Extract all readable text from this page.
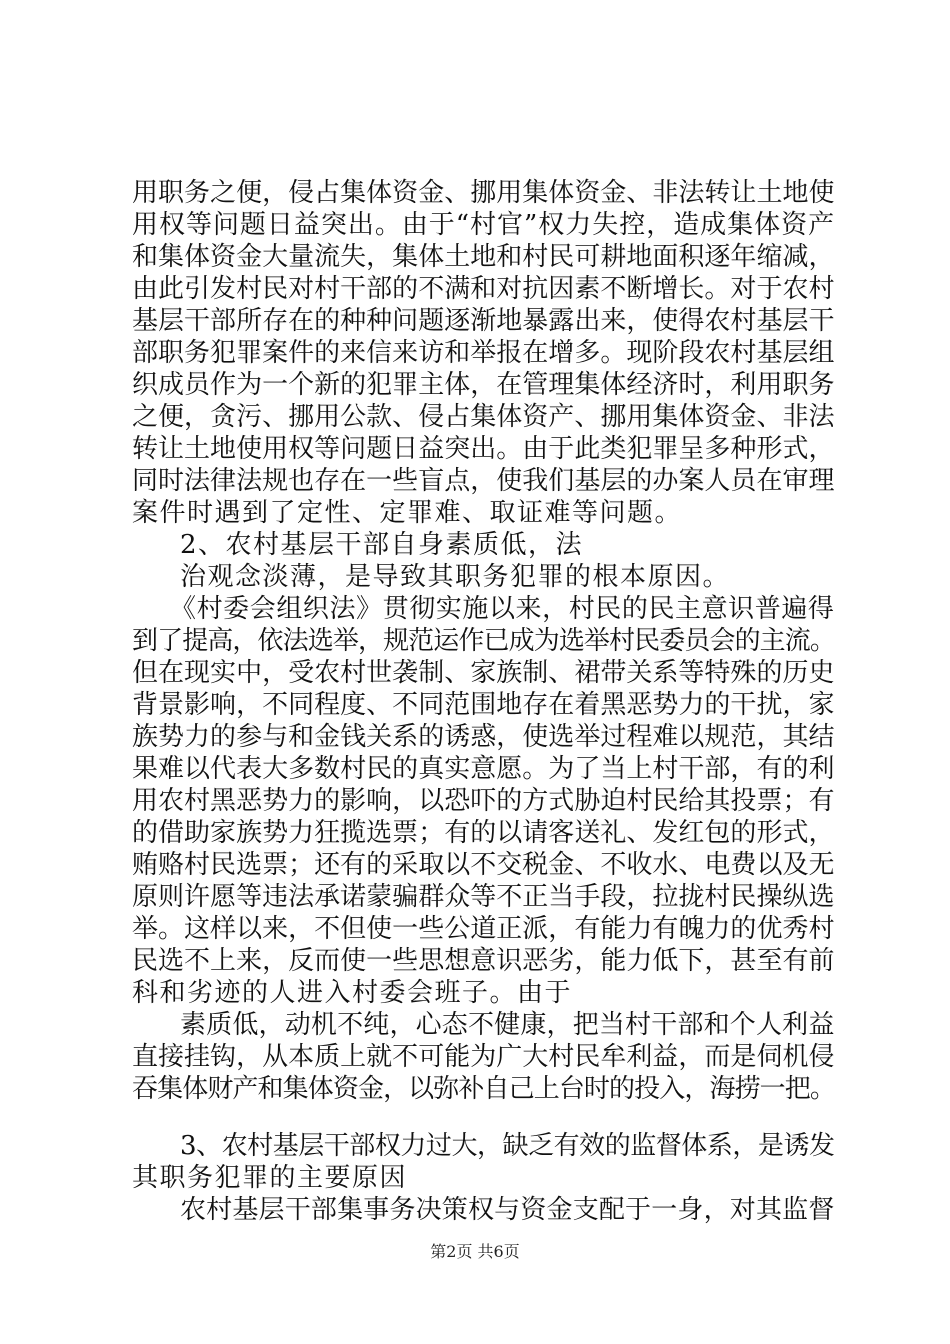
用职务之便，侵占集体资金、挪用集体资金、非法转让土地使
用权等问题日益突出。由于“村官”权力失控，造成集体资产
和集体资金大量流失，集体土地和村民可耕地面积逐年缩减，
由此引发村民对村干部的不满和对抗因素不断增长。对于农村
基层干部所存在的种种问题逐渐地暴露出来，使得农村基层干
部职务犯罪案件的来信来访和举报在增多。现阶段农村基层组
织成员作为一个新的犯罪主体，在管理集体经济时，利用职务
之便，贪污、挪用公款、侵占集体资产、挪用集体资金、非法
转让土地使用权等问题日益突出。由于此类犯罪呈多种形式，
同时法律法规也存在一些盲点，使我们基层的办案人员在审理
案件时遇到了定性、定罪难、取证难等问题。
2、农村基层干部自身素质低，法
治观念淡薄，是导致其职务犯罪的根本原因。
《村委会组织法》贯彻实施以来，村民的民主意识普遍得
到了提高，依法选举，规范运作已成为选举村民委员会的主流。
但在现实中，受农村世袭制、家族制、裙带关系等特殊的历史
背景影响，不同程度、不同范围地存在着黑恶势力的干扰，家
族势力的参与和金钱关系的诱惑，使选举过程难以规范，其结
果难以代表大多数村民的真实意愿。为了当上村干部，有的利
用农村黑恶势力的影响，以恐吓的方式胁迫村民给其投票；有
的借助家族势力狂揽选票；有的以请客送礼、发红包的形式，
贿赂村民选票；还有的采取以不交税金、不收水、电费以及无
原则许愿等违法承诺蒙骗群众等不正当手段，拉拢村民操纵选
举。这样以来，不但使一些公道正派，有能力有魄力的优秀村
民选不上来，反而使一些思想意识恶劣，能力低下，甚至有前
科和劣迹的人进入村委会班子。由于
素质低，动机不纯，心态不健康，把当村干部和个人利益
直接挂钩，从本质上就不可能为广大村民牟利益，而是伺机侵
吞集体财产和集体资金，以弥补自己上台时的投入，海捞一把。
3、农村基层干部权力过大，缺乏有效的监督体系，是诱发
其职务犯罪的主要原因
农村基层干部集事务决策权与资金支配于一身，对其监督
第2页 共6页
